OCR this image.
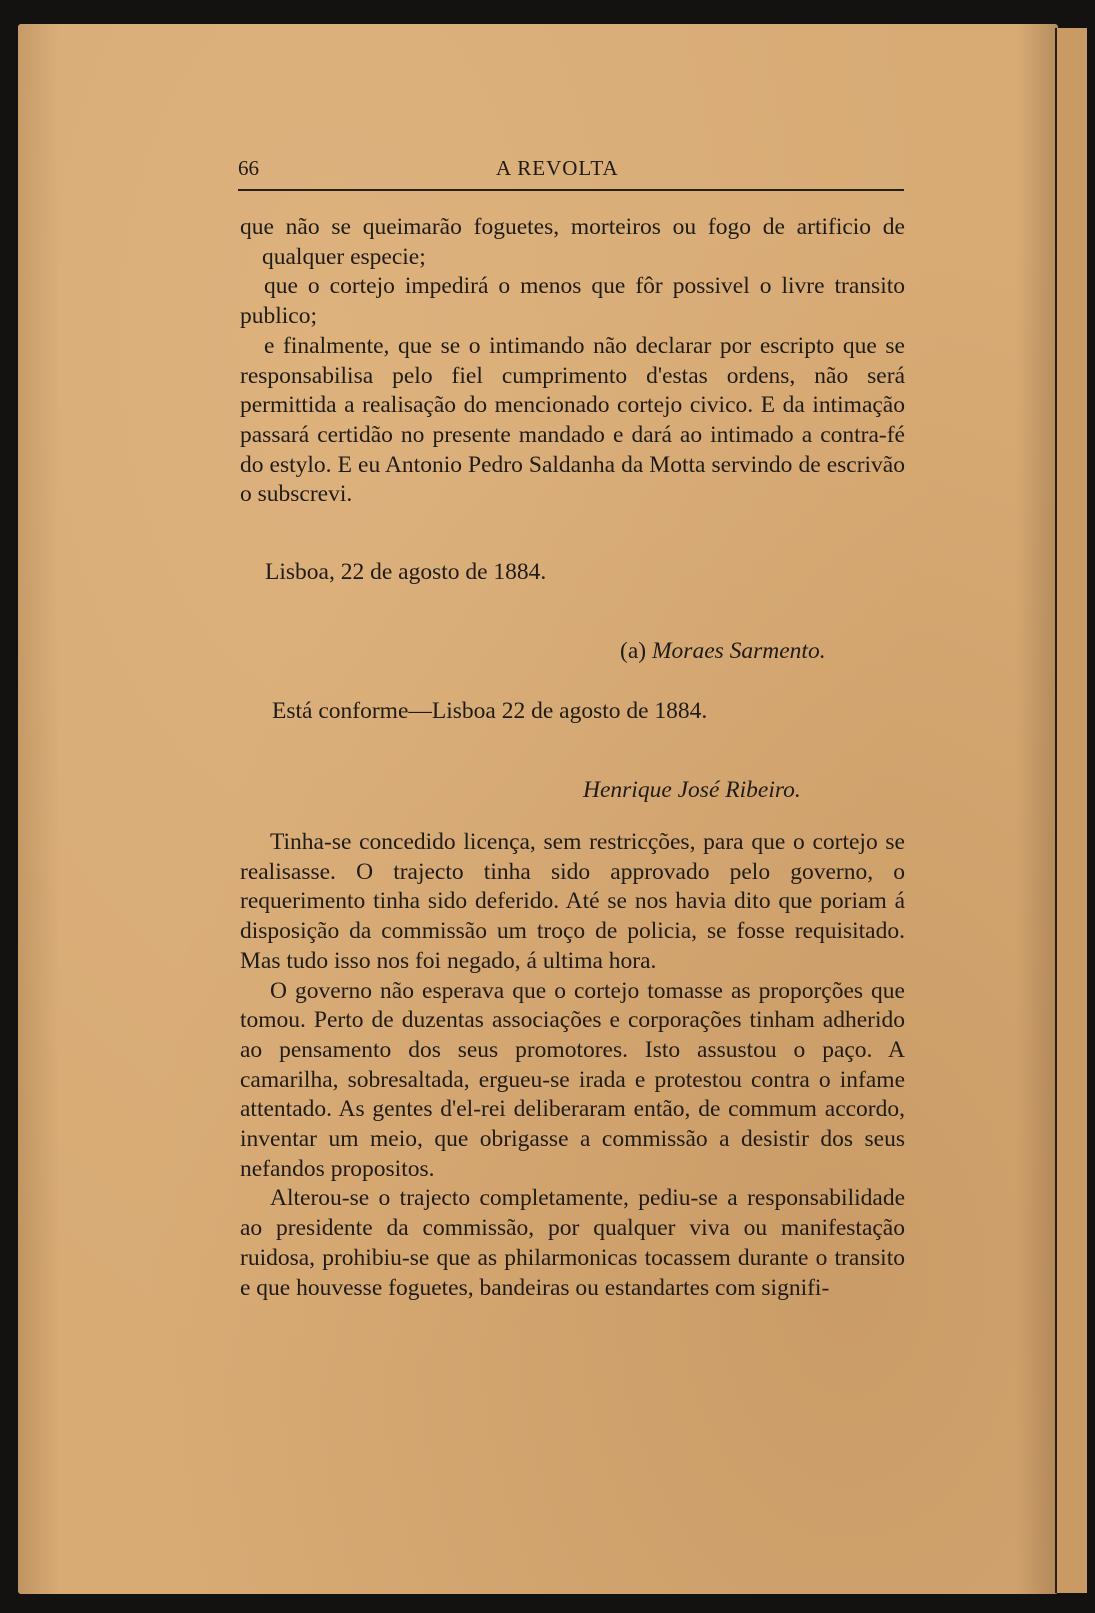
66	A REVOLTA

que não se queimarão foguetes, morteiros ou fogo de artificio de qualquer especie;

que o cortejo impedirá o menos que fôr possivel o livre transito publico;

e finalmente, que se o intimando não declarar por escripto que se responsabilisa pelo fiel cumprimento d'estas ordens, não será permittida a realisação do mencionado cortejo civico. E da intimação passará certidão no presente mandado e dará ao intimado a contra-fé do estylo. E eu Antonio Pedro Saldanha da Motta servindo de escrivão o subscrevi.

Lisboa, 22 de agosto de 1884.
(a) Moraes Sarmento.
Está conforme—Lisboa 22 de agosto de 1884.
Henrique José Ribeiro.

Tinha-se concedido licença, sem restricções, para que o cortejo se realisasse. O trajecto tinha sido approvado pelo governo, o requerimento tinha sido deferido. Até se nos havia dito que poriam á disposição da commissão um troço de policia, se fosse requisitado. Mas tudo isso nos foi negado, á ultima hora.

O governo não esperava que o cortejo tomasse as proporções que tomou. Perto de duzentas associações e corporações tinham adherido ao pensamento dos seus promotores. Isto assustou o paço. A camarilha, sobresaltada, ergueu-se irada e protestou contra o infame attentado. As gentes d'el-rei deliberaram então, de commum accordo, inventar um meio, que obrigasse a commissão a desistir dos seus nefandos propositos.

Alterou-se o trajecto completamente, pediu-se a responsabilidade ao presidente da commissão, por qualquer viva ou manifestação ruidosa, prohibiu-se que as philarmonicas tocassem durante o transito e que houvesse foguetes, bandeiras ou estandartes com signifi-
